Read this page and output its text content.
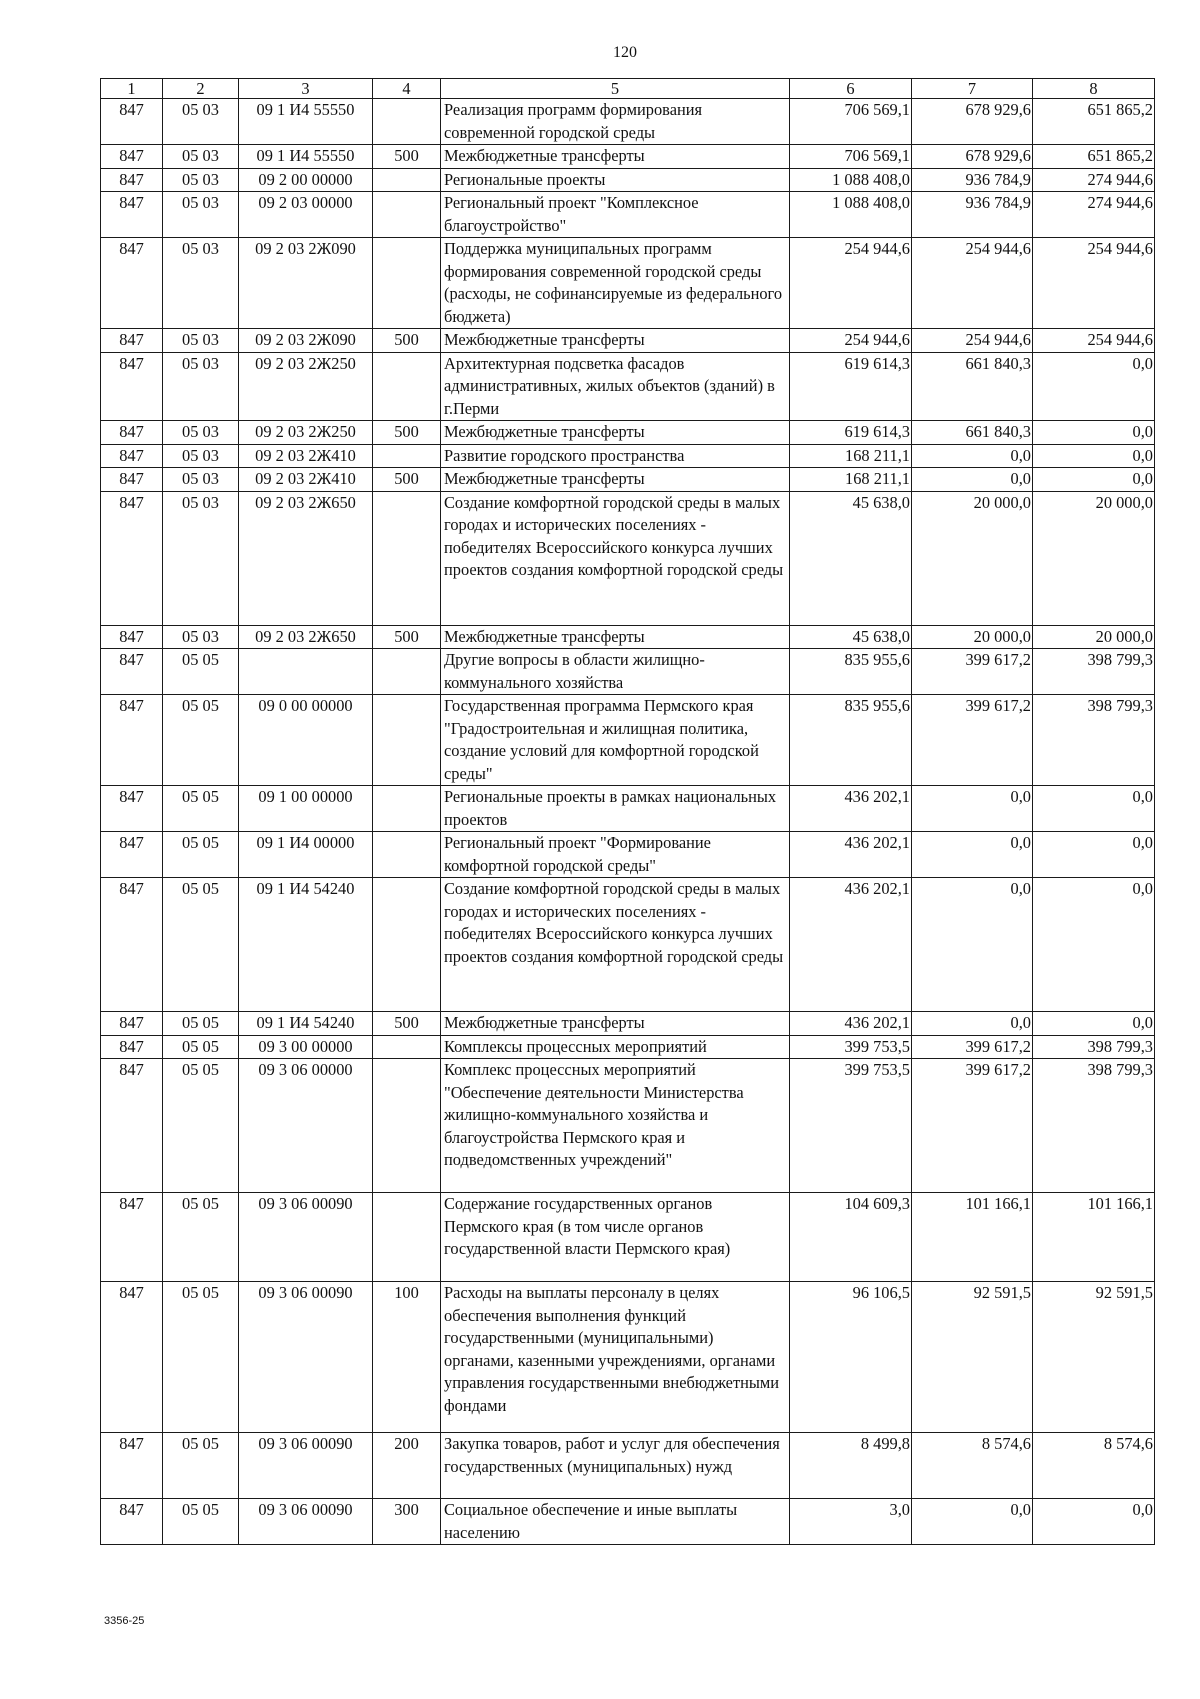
120
1	2	3	4	5	6	7	8
847	05 03	09 1 И4 55550		Реализация программ формирования современной городской среды	706 569,1	678 929,6	651 865,2
847	05 03	09 1 И4 55550	500	Межбюджетные трансферты	706 569,1	678 929,6	651 865,2
847	05 03	09 2 00 00000		Региональные проекты	1 088 408,0	936 784,9	274 944,6
847	05 03	09 2 03 00000		Региональный проект "Комплексное благоустройство"	1 088 408,0	936 784,9	274 944,6
847	05 03	09 2 03 2Ж090		Поддержка муниципальных программ формирования современной городской среды (расходы, не софинансируемые из федерального бюджета)	254 944,6	254 944,6	254 944,6
847	05 03	09 2 03 2Ж090	500	Межбюджетные трансферты	254 944,6	254 944,6	254 944,6
847	05 03	09 2 03 2Ж250		Архитектурная подсветка фасадов административных, жилых объектов (зданий) в г.Перми	619 614,3	661 840,3	0,0
847	05 03	09 2 03 2Ж250	500	Межбюджетные трансферты	619 614,3	661 840,3	0,0
847	05 03	09 2 03 2Ж410		Развитие городского пространства	168 211,1	0,0	0,0
847	05 03	09 2 03 2Ж410	500	Межбюджетные трансферты	168 211,1	0,0	0,0
847	05 03	09 2 03 2Ж650		Создание комфортной городской среды в малых городах и исторических поселениях - победителях Всероссийского конкурса лучших проектов создания комфортной городской среды	45 638,0	20 000,0	20 000,0
847	05 03	09 2 03 2Ж650	500	Межбюджетные трансферты	45 638,0	20 000,0	20 000,0
847	05 05			Другие вопросы в области жилищно-коммунального хозяйства	835 955,6	399 617,2	398 799,3
847	05 05	09 0 00 00000		Государственная программа Пермского края "Градостроительная и жилищная политика, создание условий для комфортной городской среды"	835 955,6	399 617,2	398 799,3
847	05 05	09 1 00 00000		Региональные проекты в рамках национальных проектов	436 202,1	0,0	0,0
847	05 05	09 1 И4 00000		Региональный проект "Формирование комфортной городской среды"	436 202,1	0,0	0,0
847	05 05	09 1 И4 54240		Создание комфортной городской среды в малых городах и исторических поселениях - победителях Всероссийского конкурса лучших проектов создания комфортной городской среды	436 202,1	0,0	0,0
847	05 05	09 1 И4 54240	500	Межбюджетные трансферты	436 202,1	0,0	0,0
847	05 05	09 3 00 00000		Комплексы процессных мероприятий	399 753,5	399 617,2	398 799,3
847	05 05	09 3 06 00000		Комплекс процессных мероприятий "Обеспечение деятельности Министерства жилищно-коммунального хозяйства и благоустройства Пермского края и подведомственных учреждений"	399 753,5	399 617,2	398 799,3
847	05 05	09 3 06 00090		Содержание государственных органов Пермского края (в том числе органов государственной власти Пермского края)	104 609,3	101 166,1	101 166,1
847	05 05	09 3 06 00090	100	Расходы на выплаты персоналу в целях обеспечения выполнения функций государственными (муниципальными) органами, казенными учреждениями, органами управления государственными внебюджетными фондами	96 106,5	92 591,5	92 591,5
847	05 05	09 3 06 00090	200	Закупка товаров, работ и услуг для обеспечения государственных (муниципальных) нужд	8 499,8	8 574,6	8 574,6
847	05 05	09 3 06 00090	300	Социальное обеспечение и иные выплаты населению	3,0	0,0	0,0
3356-25
